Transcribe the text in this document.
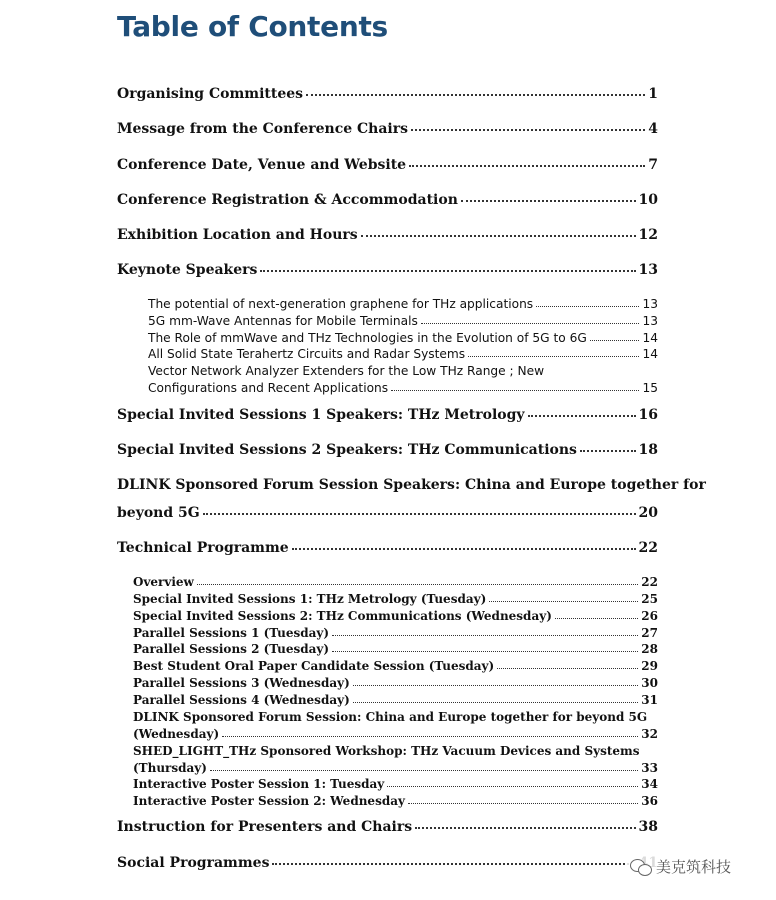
Table of Contents
Organising Committees	1
Message from the Conference Chairs	4
Conference Date, Venue and Website	7
Conference Registration & Accommodation	10
Exhibition Location and Hours	12
Keynote Speakers	13
The potential of next-generation graphene for THz applications	13
5G mm-Wave Antennas for Mobile Terminals	13
The Role of mmWave and THz Technologies in the Evolution of 5G to 6G	14
All Solid State Terahertz Circuits and Radar Systems	14
Vector Network Analyzer Extenders for the Low THz Range ; New
Configurations and Recent Applications	15
Special Invited Sessions 1 Speakers: THz Metrology	16
Special Invited Sessions 2 Speakers: THz Communications	18
DLINK Sponsored Forum Session Speakers: China and Europe together for
beyond 5G	20
Technical Programme	22
Overview	22
Special Invited Sessions 1: THz Metrology (Tuesday)	25
Special Invited Sessions 2: THz Communications (Wednesday)	26
Parallel Sessions 1 (Tuesday)	27
Parallel Sessions 2 (Tuesday)	28
Best Student Oral Paper Candidate Session (Tuesday)	29
Parallel Sessions 3 (Wednesday)	30
Parallel Sessions 4 (Wednesday)	31
DLINK Sponsored Forum Session: China and Europe together for beyond 5G
(Wednesday)	32
SHED_LIGHT_THz Sponsored Workshop: THz Vacuum Devices and Systems
(Thursday)	33
Interactive Poster Session 1: Tuesday	34
Interactive Poster Session 2: Wednesday	36
Instruction for Presenters and Chairs	38
Social Programmes	美克筑科技
